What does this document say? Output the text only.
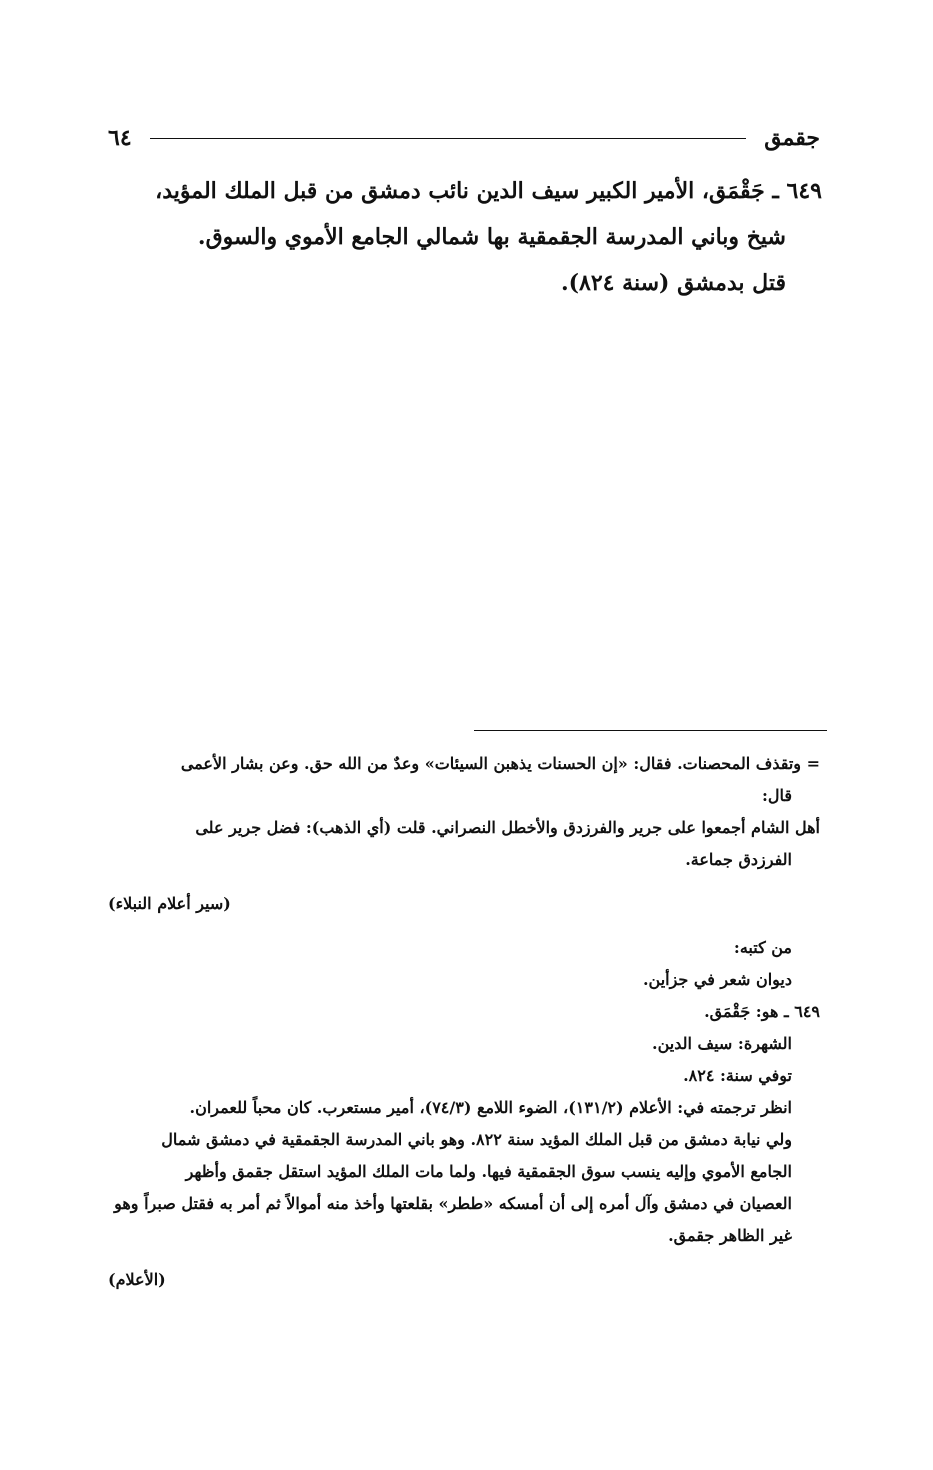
جقمق
٦٤

٦٤٩ ـ جَقْمَق، الأمير الكبير سيف الدين نائب دمشق من قبل الملك المؤيد،

شيخ وباني المدرسة الجقمقية بها شمالي الجامع الأموي والسوق.

قتل بدمشق (سنة ٨٢٤).

= وتقذف المحصنات. فقال: «إن الحسنات يذهبن السيئات» وعدٌ من الله حق. وعن بشار الأعمى

قال:

أهل الشام أجمعوا على جرير والفرزدق والأخطل النصراني. قلت (أي الذهب): فضل جرير على

الفرزدق جماعة.

(سير أعلام النبلاء)

من كتبه:

ديوان شعر في جزأين.

٦٤٩ ـ هو: جَقْمَق.

الشهرة: سيف الدين.

توفي سنة: ٨٢٤.

انظر ترجمته في: الأعلام (١٣١/٢)، الضوء اللامع (٧٤/٣)، أمير مستعرب. كان محباً للعمران.

ولي نيابة دمشق من قبل الملك المؤيد سنة ٨٢٢. وهو باني المدرسة الجقمقية في دمشق شمال

الجامع الأموي وإليه ينسب سوق الجقمقية فيها. ولما مات الملك المؤيد استقل جقمق وأظهر

العصيان في دمشق وآل أمره إلى أن أمسكه «ططر» بقلعتها وأخذ منه أموالاً ثم أمر به فقتل صبراً وهو

غير الظاهر جقمق.

(الأعلام)
